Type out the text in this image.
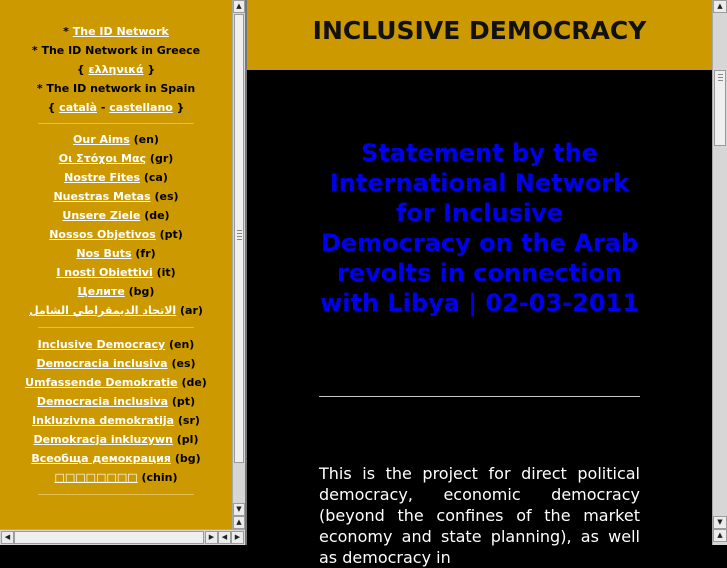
* The ID Network
* The ID Network in Greece
{ ελληνικά }
* The ID network in Spain
{ català - castellano }
Our Aims (en)
Οι Στόχοι Μας (gr)
Nostre Fites (ca)
Nuestras Metas (es)
Unsere Ziele (de)
Nossos Objetivos (pt)
Nos Buts (fr)
I nosti Obiettivi (it)
Целите (bg)
الاتحاد الديمقراطي الشامل (ar)
Inclusive Democracy (en)
Democracia inclusiva (es)
Umfassende Demokratie (de)
Democracia inclusiva (pt)
Inkluzivna demokratija (sr)
Demokracja inkluzywn (pl)
Всеобща демокрация (bg)
□□□□□□□□ (chin)
▲
▼
▲
◀	▶	◀	▶
INCLUSIVE DEMOCRACY
Statement by the International Network for Inclusive Democracy on the Arab revolts in connection with Libya | 02-03-2011
This is the project for direct political democracy, economic democracy (beyond the confines of the market economy and state planning), as well as democracy in
▲
▼
▲
